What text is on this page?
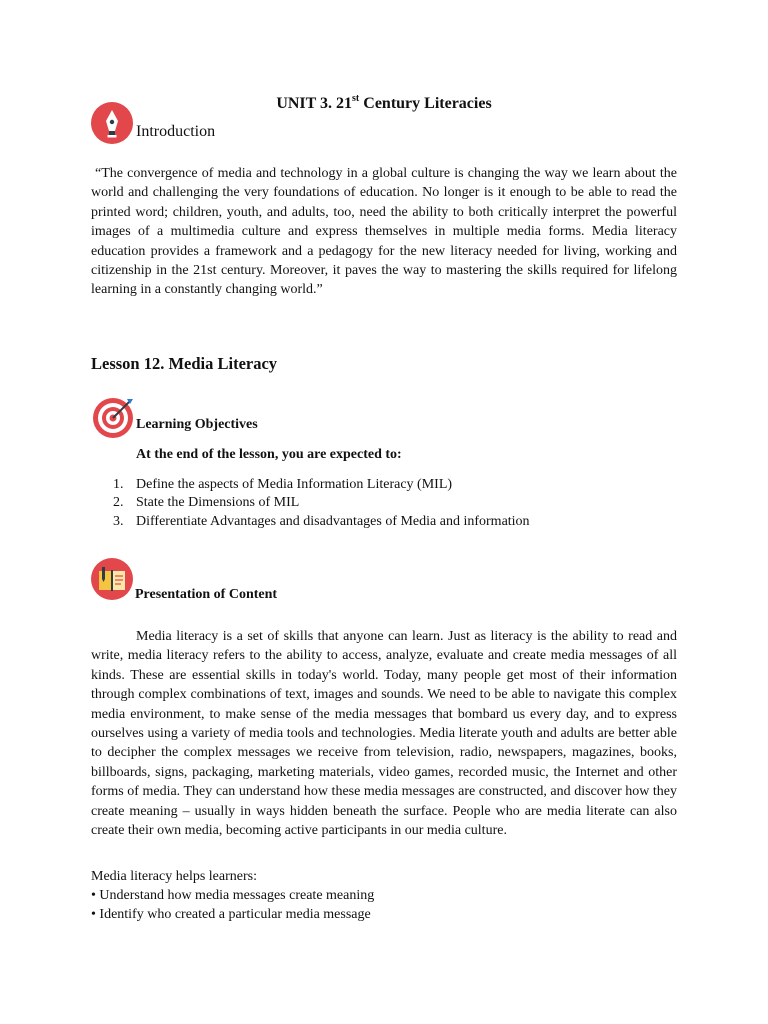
UNIT 3. 21st Century Literacies
Introduction
“The convergence of media and technology in a global culture is changing the way we learn about the world and challenging the very foundations of education. No longer is it enough to be able to read the printed word; children, youth, and adults, too, need the ability to both critically interpret the powerful images of a multimedia culture and express themselves in multiple media forms. Media literacy education provides a framework and a pedagogy for the new literacy needed for living, working and citizenship in the 21st century. Moreover, it paves the way to mastering the skills required for lifelong learning in a constantly changing world.”
Lesson 12. Media Literacy
Learning Objectives
At the end of the lesson, you are expected to:
1. Define the aspects of Media Information Literacy (MIL)
2. State the Dimensions of MIL
3. Differentiate Advantages and disadvantages of Media and information
Presentation of Content
Media literacy is a set of skills that anyone can learn. Just as literacy is the ability to read and write, media literacy refers to the ability to access, analyze, evaluate and create media messages of all kinds. These are essential skills in today's world. Today, many people get most of their information through complex combinations of text, images and sounds. We need to be able to navigate this complex media environment, to make sense of the media messages that bombard us every day, and to express ourselves using a variety of media tools and technologies. Media literate youth and adults are better able to decipher the complex messages we receive from television, radio, newspapers, magazines, books, billboards, signs, packaging, marketing materials, video games, recorded music, the Internet and other forms of media. They can understand how these media messages are constructed, and discover how they create meaning – usually in ways hidden beneath the surface. People who are media literate can also create their own media, becoming active participants in our media culture.
Media literacy helps learners:
• Understand how media messages create meaning
• Identify who created a particular media message
